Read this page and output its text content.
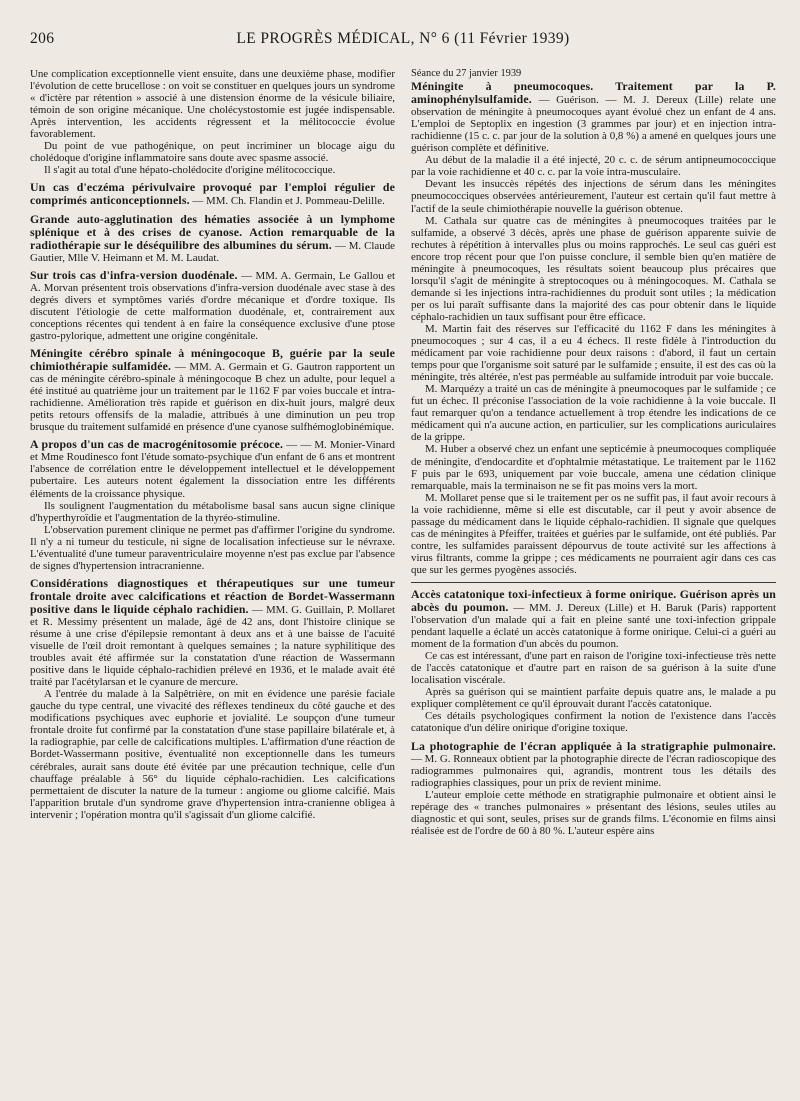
206	LE PROGRÈS MÉDICAL, N° 6 (11 Février 1939)

Une complication exceptionnelle vient ensuite, dans une deuxième phase, modifier l'évolution de cette brucellose : on voit se constituer en quelques jours un syndrome « d'ictère par rétention » associé à une distension énorme de la vésicule biliaire, témoin de son origine mécanique. Une cholécystostomie est jugée indispensable. Après intervention, les accidents régressent et la mélitococcie évolue favorablement.

Du point de vue pathogénique, on peut incriminer un blocage aigu du cholédoque d'origine inflammatoire sans doute avec spasme associé.

Il s'agit au total d'une hépato-cholédocite d'origine mélitococcique.

Un cas d'eczéma périvulvaire provoqué par l'emploi régulier de comprimés anticonceptionnels. — MM. Ch. Flandin et J. Pommeau-Delille.

Grande auto-agglutination des hématies associée à un lymphome splénique et à des crises de cyanose. Action remarquable de la radiothérapie sur le déséquilibre des albumines du sérum. — M. Claude Gautier, Mlle V. Heimann et M. M. Laudat.

Sur trois cas d'infra-version duodénale. — MM. A. Germain, Le Gallou et A. Morvan présentent trois observations d'infra-version duodénale avec stase à des degrés divers et symptômes variés d'ordre mécanique et d'ordre toxique. Ils discutent l'étiologie de cette malformation duodénale, et, contrairement aux conceptions récentes qui tendent à en faire la conséquence exclusive d'une ptose gastro-pylorique, admettent une origine congénitale.

Méningite cérébro spinale à méningocoque B, guérie par la seule chimiothérapie sulfamidée. — MM. A. Germain et G. Gautron rapportent un cas de méningite cérébro-spinale à méningocoque B chez un adulte, pour lequel a été institué au quatrième jour un traitement par le 1162 F par voies buccale et intra-rachidienne. Amélioration très rapide et guérison en dix-huit jours, malgré deux petits retours offensifs de la maladie, attribués à une diminution un peu trop brusque du traitement sulfamidé en présence d'une cyanose sulfhémoglobinémique.

A propos d'un cas de macrogénitosomie précoce. — — M. Monier-Vinard et Mme Roudinesco font l'étude somato-psychique d'un enfant de 6 ans et montrent l'absence de corrélation entre le développement intellectuel et le développement pubertaire. Les auteurs notent également la dissociation entre les différents éléments de la croissance physique.

Ils soulignent l'augmentation du métabolisme basal sans aucun signe clinique d'hyperthyroïdie et l'augmentation de la thyréo-stimuline.

L'observation purement clinique ne permet pas d'affirmer l'origine du syndrome. Il n'y a ni tumeur du testicule, ni signe de localisation infectieuse sur le névraxe. L'éventualité d'une tumeur paraventriculaire moyenne n'est pas exclue par l'absence de signes d'hypertension intracranienne.

Considérations diagnostiques et thérapeutiques sur une tumeur frontale droite avec calcifications et réaction de Bordet-Wassermann positive dans le liquide céphalo rachidien. — MM. G. Guillain, P. Mollaret et R. Messimy présentent un malade, âgé de 42 ans, dont l'histoire clinique se résume à une crise d'épilepsie remontant à deux ans et à une baisse de l'acuité visuelle de l'œil droit remontant à quelques semaines ; la nature syphilitique des troubles avait été affirmée sur la constatation d'une réaction de Wassermann positive dans le liquide céphalo-rachidien prélevé en 1936, et le malade avait été traité par l'acétylarsan et le cyanure de mercure.

A l'entrée du malade à la Salpêtrière, on mit en évidence une parésie faciale gauche du type central, une vivacité des réflexes tendineux du côté gauche et des modifications psychiques avec euphorie et jovialité. Le soupçon d'une tumeur frontale droite fut confirmé par la constatation d'une stase papillaire bilatérale et, à la radiographie, par celle de calcifications multiples. L'affirmation d'une réaction de Bordet-Wassermann positive, éventualité non exceptionnelle dans les tumeurs cérébrales, aurait sans doute été évitée par une précaution technique, celle d'un chauffage préalable à 56° du liquide céphalo-rachidien. Les calcifications permettaient de discuter la nature de la tumeur : angiome ou gliome calcifié. Mais l'apparition brutale d'un syndrome grave d'hypertension intra-cranienne obligea à intervenir ; l'opération montra qu'il s'agissait d'un gliome calcifié.

Séance du 27 janvier 1939

Méningite à pneumocoques. Traitement par la P. aminophénylsulfamide. — Guérison. — M. J. Dereux (Lille) relate une observation de méningite à pneumocoques ayant évolué chez un enfant de 4 ans. L'emploi de Septoplix en ingestion (3 grammes par jour) et en injection intra-rachidienne (15 c. c. par jour de la solution à 0,8 %) a amené en quelques jours une guérison complète et définitive.

Au début de la maladie il a été injecté, 20 c. c. de sérum antipneumococcique par la voie rachidienne et 40 c. c. par la voie intra-musculaire.

Devant les insuccès répétés des injections de sérum dans les méningites pneumococciques observées antérieurement, l'auteur est certain qu'il faut mettre à l'actif de la seule chimiothérapie nouvelle la guérison obtenue.

M. Cathala sur quatre cas de méningites à pneumocoques traitées par le sulfamide, a observé 3 décès, après une phase de guérison apparente suivie de rechutes à répétition à intervalles plus ou moins rapprochés. Le seul cas guéri est encore trop récent pour que l'on puisse conclure, il semble bien qu'en matière de méningite à pneumocoques, les résultats soient beaucoup plus précaires que lorsqu'il s'agit de méningite à streptocoques ou à méningocoques. M. Cathala se demande si les injections intra-rachidiennes du produit sont utiles ; la médication per os lui paraît suffisante dans la majorité des cas pour obtenir dans le liquide céphalo-rachidien un taux suffisant pour être efficace.

M. Martin fait des réserves sur l'efficacité du 1162 F dans les méningites à pneumocoques ; sur 4 cas, il a eu 4 échecs. Il reste fidèle à l'introduction du médicament par voie rachidienne pour deux raisons : d'abord, il faut un certain temps pour que l'organisme soit saturé par le sulfamide ; ensuite, il est des cas où la méningite, très altérée, n'est pas perméable au sulfamide introduit par voie buccale.

M. Marquézy a traité un cas de méningite à pneumocoques par le sulfamide ; ce fut un échec. Il préconise l'association de la voie rachidienne à la voie buccale. Il faut remarquer qu'on a tendance actuellement à trop étendre les indications de ce médicament qui n'a aucune action, en particulier, sur les complications auriculaires de la grippe.

M. Huber a observé chez un enfant une septicémie à pneumocoques compliquée de méningite, d'endocardite et d'ophtalmie métastatique. Le traitement par le 1162 F puis par le 693, uniquement par voie buccale, amena une cédation clinique remarquable, mais la terminaison ne se fit pas moins vers la mort.

M. Mollaret pense que si le traitement per os ne suffit pas, il faut avoir recours à la voie rachidienne, même si elle est discutable, car il peut y avoir absence de passage du médicament dans le liquide céphalo-rachidien. Il signale que quelques cas de méningites à Pfeiffer, traitées et guéries par le sulfamide, ont été publiés. Par contre, les sulfamides paraissent dépourvus de toute activité sur les affections à virus filtrants, comme la grippe ; ces médicaments ne pourraient agir dans ces cas que sur les germes pyogènes associés.

Accès catatonique toxi-infectieux à forme onirique. Guérison après un abcès du poumon. — MM. J. Dereux (Lille) et H. Baruk (Paris) rapportent l'observation d'un malade qui a fait en pleine santé une toxi-infection grippale pendant laquelle a éclaté un accès catatonique à forme onirique. Celui-ci a guéri au moment de la formation d'un abcès du poumon.

Ce cas est intéressant, d'une part en raison de l'origine toxi-infectieuse très nette de l'accès catatonique et d'autre part en raison de sa guérison à la suite d'une localisation viscérale.

Après sa guérison qui se maintient parfaite depuis quatre ans, le malade a pu expliquer complètement ce qu'il éprouvait durant l'accès catatonique.

Ces détails psychologiques confirment la notion de l'existence dans l'accès catatonique d'un délire onirique d'origine toxique.

La photographie de l'écran appliquée à la stratigraphie pulmonaire. — M. G. Ronneaux obtient par la photographie directe de l'écran radioscopique des radiogrammes pulmonaires qui, agrandis, montrent tous les détails des radiographies classiques, pour un prix de revient minime.

L'auteur emploie cette méthode en stratigraphie pulmonaire et obtient ainsi le repérage des « tranches pulmonaires » présentant des lésions, seules utiles au diagnostic et qui sont, seules, prises sur de grands films. L'économie en films ainsi réalisée est de l'ordre de 60 à 80 %. L'auteur espère ains
